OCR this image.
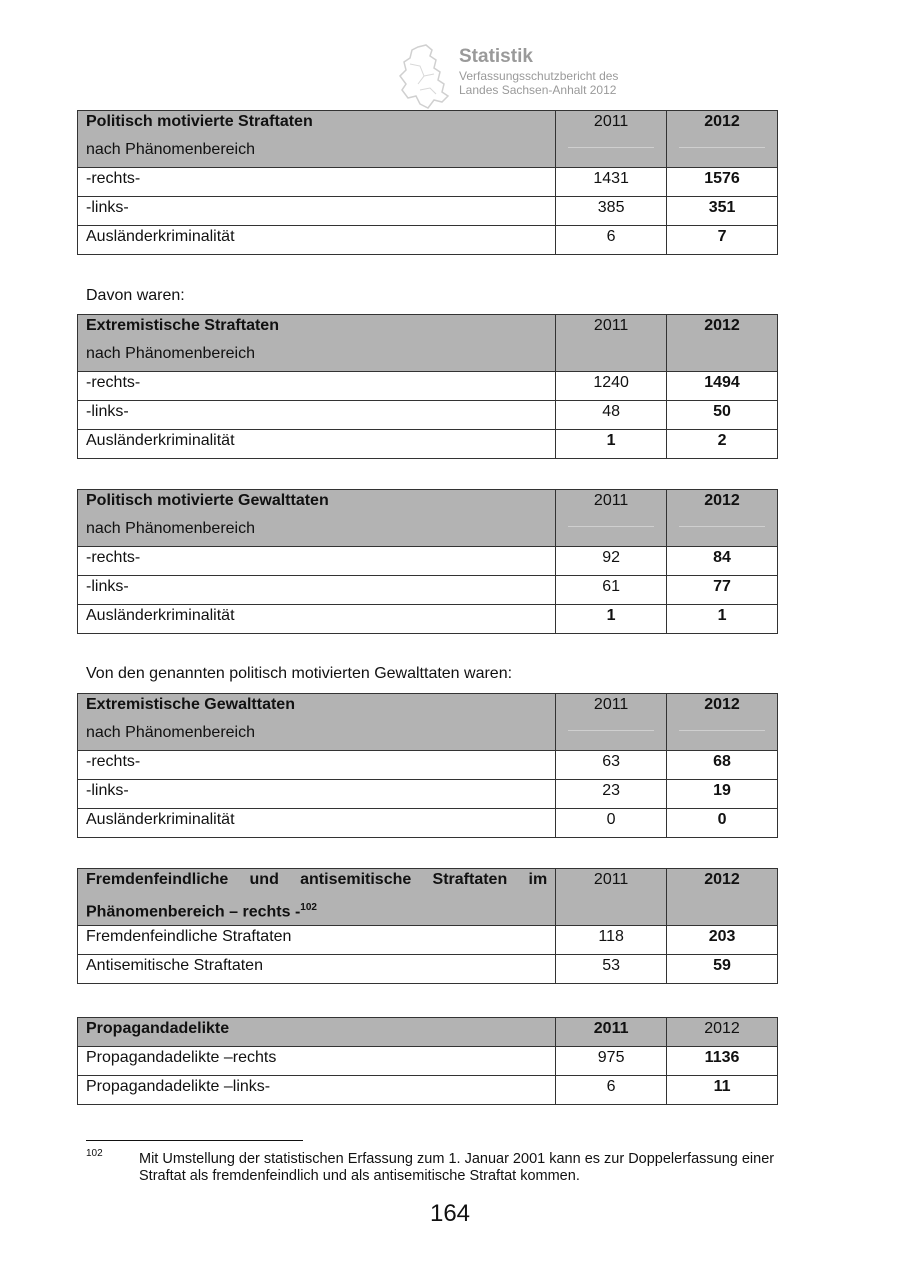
Statistik
Verfassungsschutzbericht des
Landes Sachsen-Anhalt 2012
Politisch motivierte Straftaten
nach Phänomenbereich	2011	2012

-rechts-	1431	1576
-links-	385	351
Ausländerkriminalität	6	7
Davon waren:
Extremistische Straftaten
nach Phänomenbereich	2011	2012
-rechts-	1240	1494
-links-	48	50
Ausländerkriminalität	1	2
Politisch motivierte Gewalttaten
nach Phänomenbereich	2011	2012

-rechts-	92	84
-links-	61	77
Ausländerkriminalität	1	1
Von den genannten politisch motivierten Gewalttaten waren:
Extremistische Gewalttaten
nach Phänomenbereich	2011	2012

-rechts-	63	68
-links-	23	19
Ausländerkriminalität	0	0
Fremdenfeindliche und antisemitische Straftaten im
Phänomenbereich – rechts -$^{102}$	2011	2012
Fremdenfeindliche Straftaten	118	203
Antisemitische Straftaten	53	59
Propagandadelikte	2011	2012
Propagandadelikte –rechts	975	1136
Propagandadelikte –links-	6	11
102	Mit Umstellung der statistischen Erfassung zum 1. Januar 2001 kann es zur Doppelerfassung einer Straftat als fremdenfeindlich und als antisemitische Straftat kommen.
164
